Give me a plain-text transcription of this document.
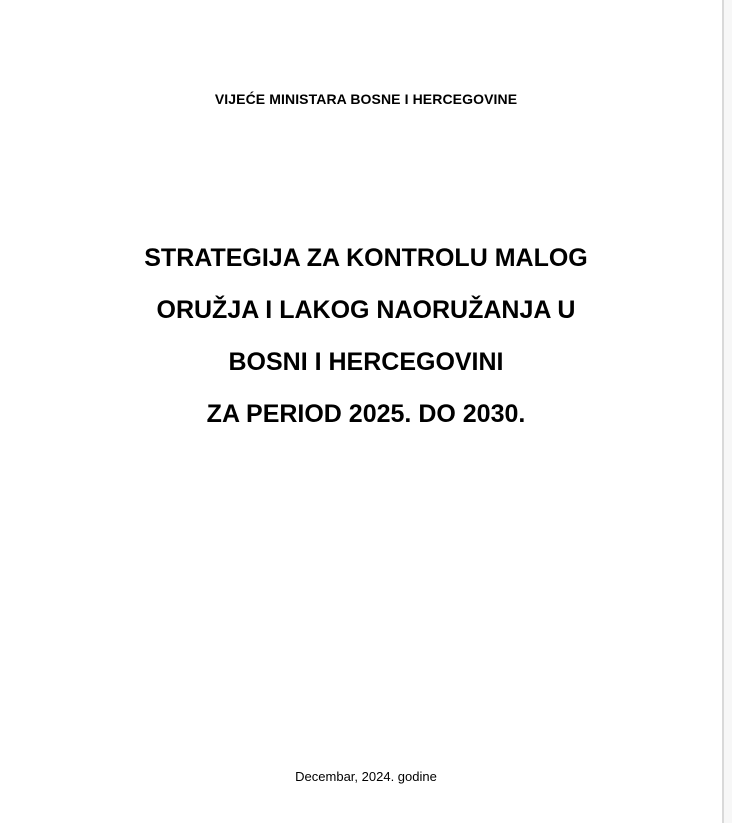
VIJEĆE MINISTARA BOSNE I HERCEGOVINE
STRATEGIJA ZA KONTROLU MALOG
ORUŽJA I LAKOG NAORUŽANJA U
BOSNI I HERCEGOVINI
ZA PERIOD 2025. DO 2030.
Decembar, 2024. godine
